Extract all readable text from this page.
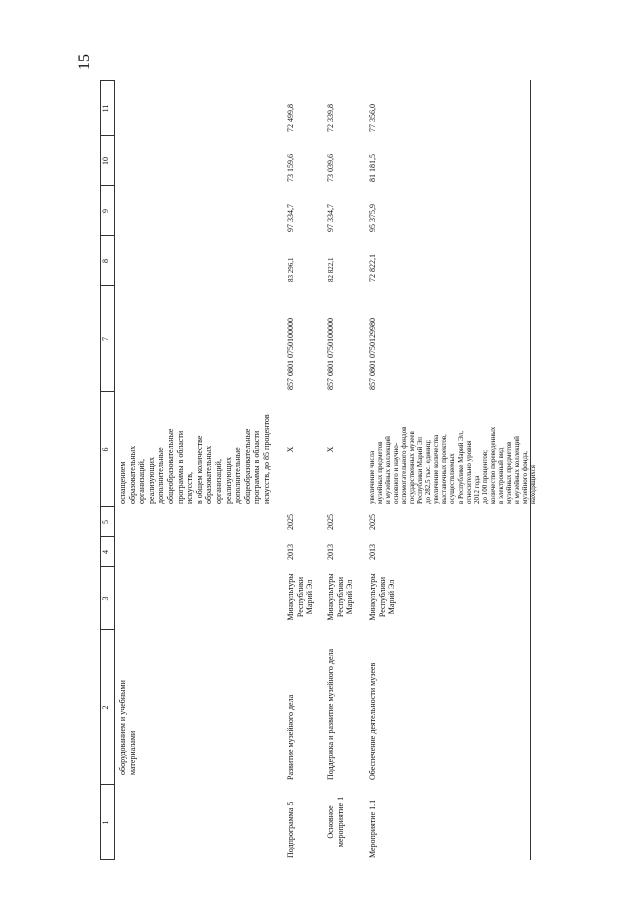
15
1
2
3
4
5
6
7
8
9
10
11
оборудованием и учебными материалами
оснащением
образовательных
организаций,
реализующих
дополнительные
общеобразовательные
программы в области
искусств,
в общем количестве
образовательных
организаций,
реализующих
дополнительные
общеобразовательные
программы в области
искусств, до 85 процентов
Подпрограмма 5
Развитие музейного дела
Минкультуры Республики Марий Эл
2013
2025
Х
857 0801 0750100000
83 296,1
97 334,7
73 159,6
72 499,8
Основное мероприятие 1
Поддержка и развитие музейного дела
Минкультуры Республики Марий Эл
2013
2025
Х
857 0801 0750100000
82 822,1
97 334,7
73 039,6
72 339,8
Мероприятие 1.1
Обеспечение деятельности музеев
Минкультуры Республики Марий Эл
2013
2025
увеличение числа
музейных предметов
и музейных коллекций
основного и научно-
вспомогательного фондов
государственных музеев
Республики Марий Эл
до 282,5 тыс. единиц;
увеличение количества
выставочных проектов,
осуществляемых
в Республике Марий Эл,
относительно уровня
2012 года
до 100 процентов;
количество переведенных
в электронный вид
музейных предметов
и музейных коллекций
музейного фонда,
находящихся
857 0801 0750129980
72 822,1
95 375,9
81 181,5
77 356,0
